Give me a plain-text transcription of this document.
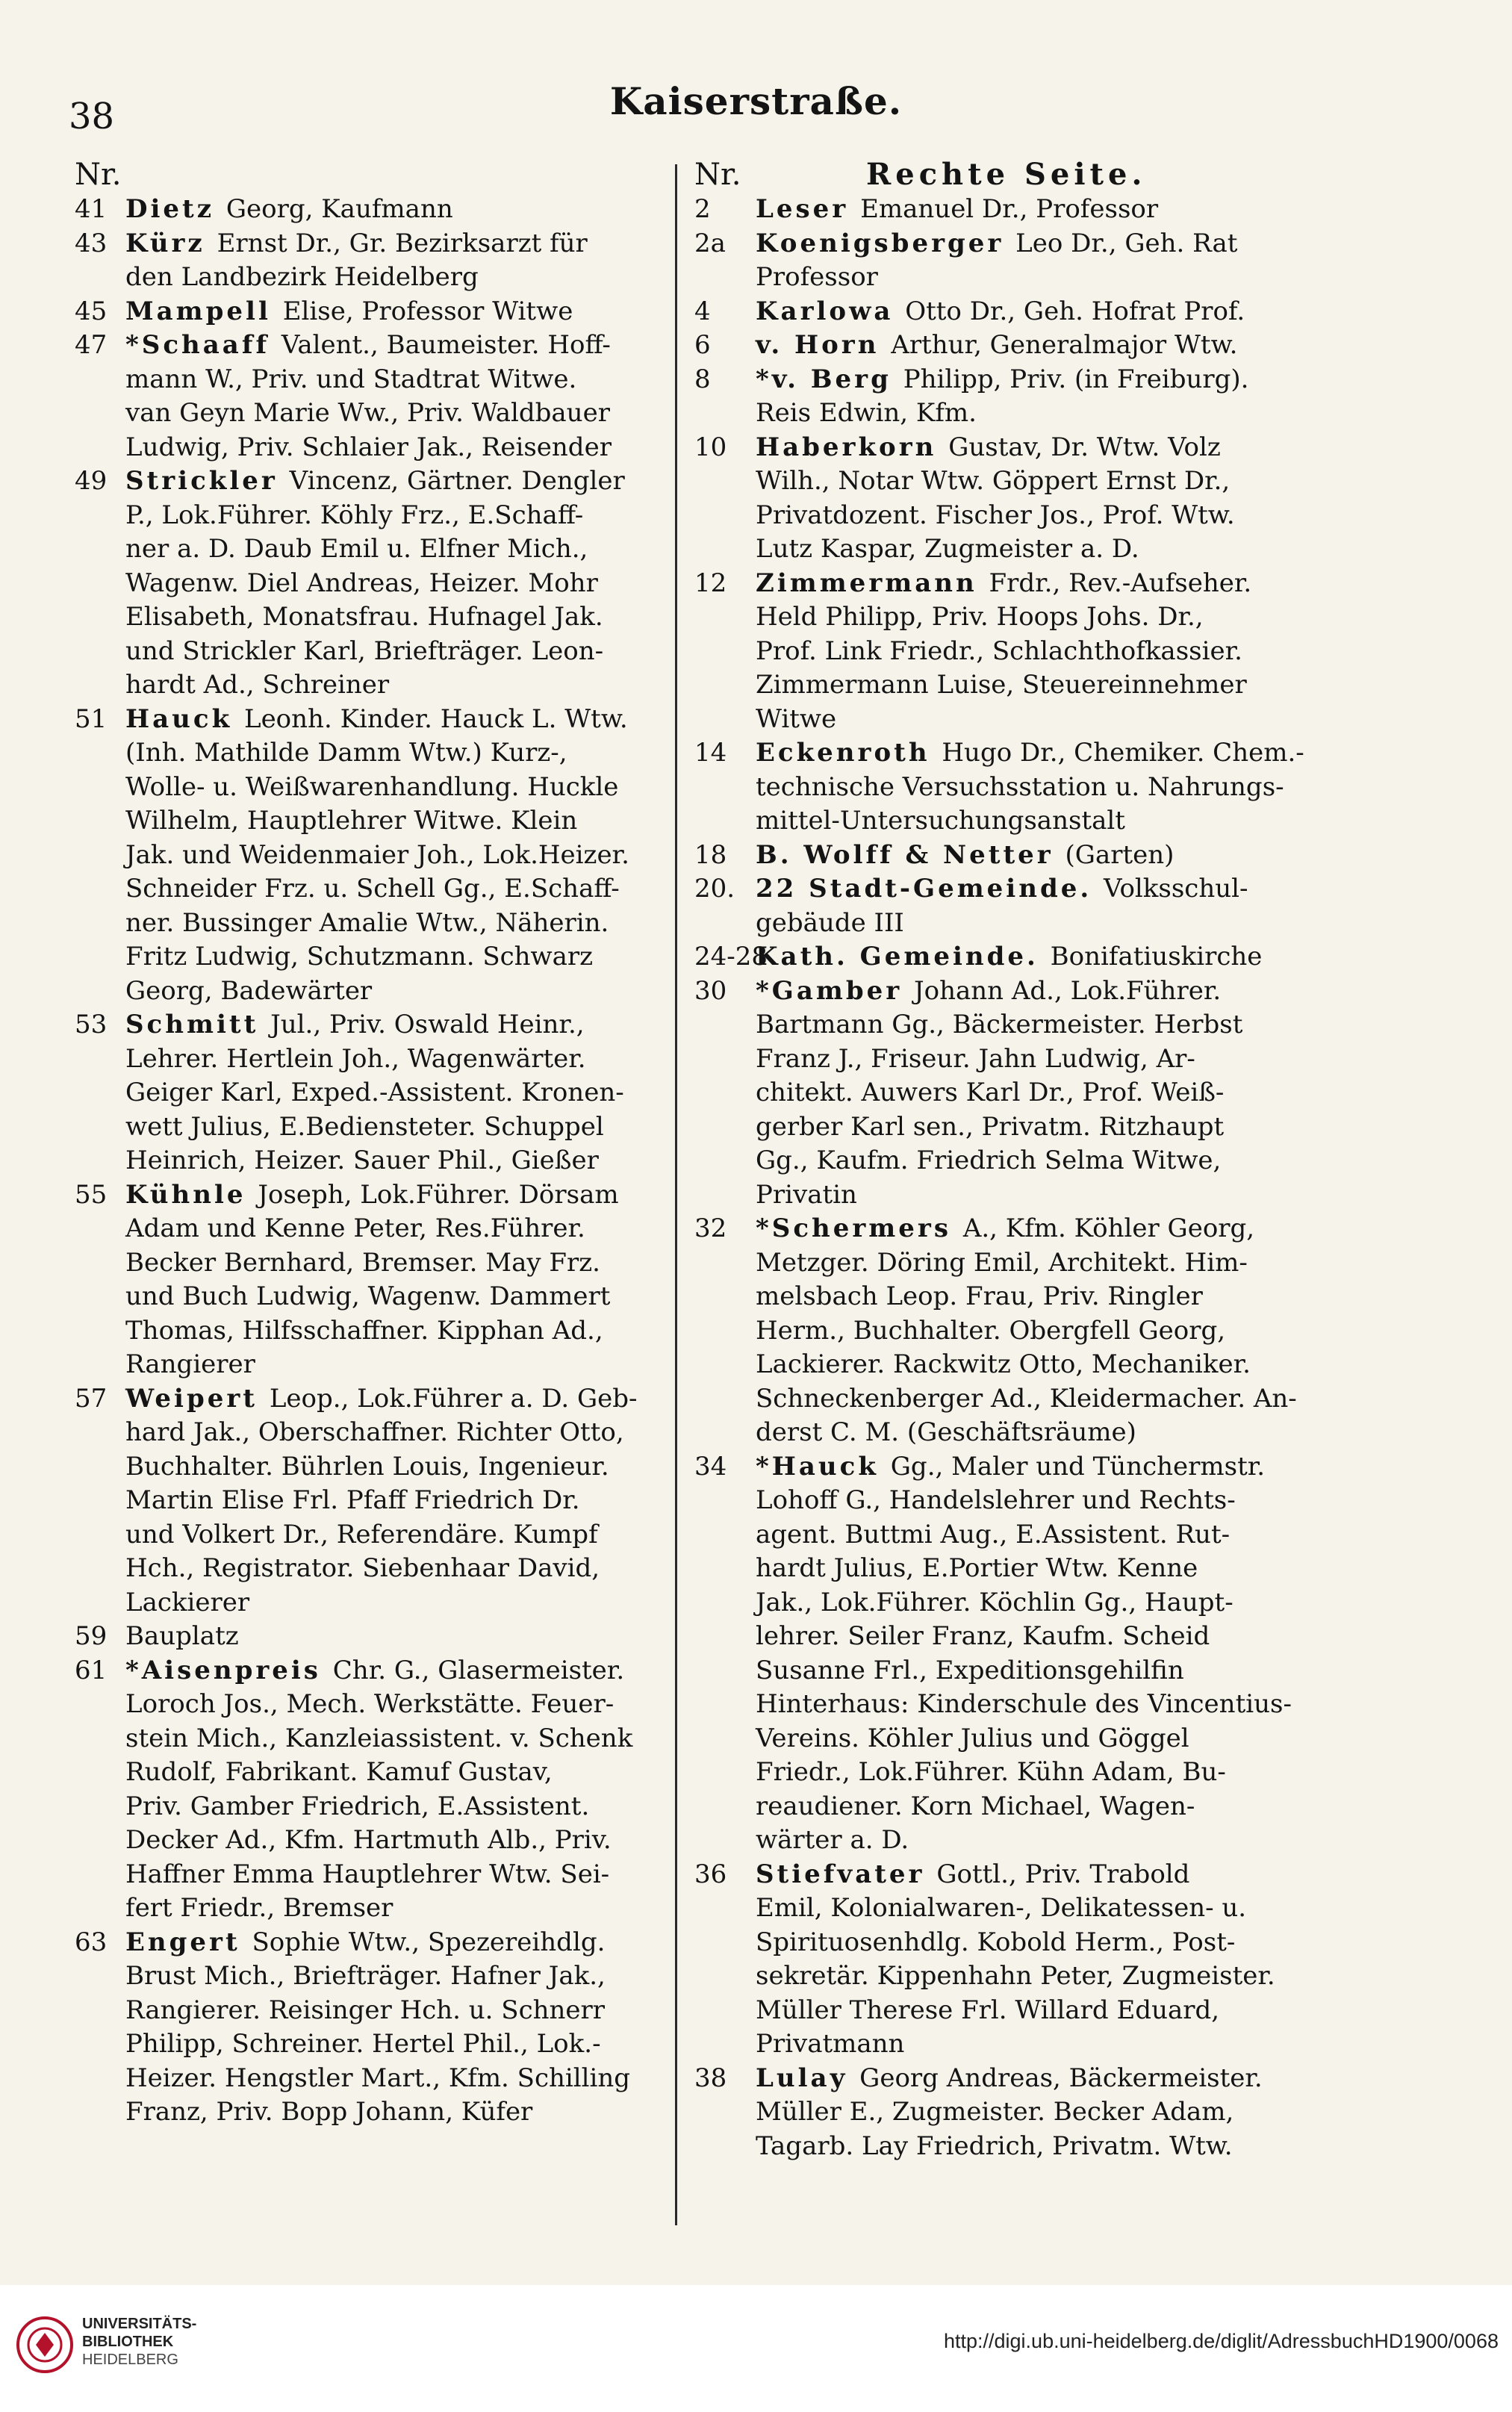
38	Kaiserstraße.
Nr.
41 Dietz Georg, Kaufmann
43 Kürz Ernst Dr., Gr. Bezirksarzt für
den Landbezirk Heidelberg
45 Mampell Elise, Professor Witwe
47 *Schaaff Valent., Baumeister. Hoff-
mann W., Priv. und Stadtrat Witwe.
van Geyn Marie Ww., Priv. Waldbauer
Ludwig, Priv. Schlaier Jak., Reisender
49 Strickler Vincenz, Gärtner. Dengler
P., Lok.Führer. Köhly Frz., E.Schaff-
ner a. D. Daub Emil u. Elfner Mich.,
Wagenw. Diel Andreas, Heizer. Mohr
Elisabeth, Monatsfrau. Hufnagel Jak.
und Strickler Karl, Briefträger. Leon-
hardt Ad., Schreiner
51 Hauck Leonh. Kinder. Hauck L. Wtw.
(Inh. Mathilde Damm Wtw.) Kurz-,
Wolle- u. Weißwarenhandlung. Huckle
Wilhelm, Hauptlehrer Witwe. Klein
Jak. und Weidenmaier Joh., Lok.Heizer.
Schneider Frz. u. Schell Gg., E.Schaff-
ner. Bussinger Amalie Wtw., Näherin.
Fritz Ludwig, Schutzmann. Schwarz
Georg, Badewärter
53 Schmitt Jul., Priv. Oswald Heinr.,
Lehrer. Hertlein Joh., Wagenwärter.
Geiger Karl, Exped.-Assistent. Kronen-
wett Julius, E.Bediensteter. Schuppel
Heinrich, Heizer. Sauer Phil., Gießer
55 Kühnle Joseph, Lok.Führer. Dörsam
Adam und Kenne Peter, Res.Führer.
Becker Bernhard, Bremser. May Frz.
und Buch Ludwig, Wagenw. Dammert
Thomas, Hilfsschaffner. Kipphan Ad.,
Rangierer
57 Weipert Leop., Lok.Führer a. D. Geb-
hard Jak., Oberschaffner. Richter Otto,
Buchhalter. Bührlen Louis, Ingenieur.
Martin Elise Frl. Pfaff Friedrich Dr.
und Volkert Dr., Referendäre. Kumpf
Hch., Registrator. Siebenhaar David,
Lackierer
59 Bauplatz
61 *Aisenpreis Chr. G., Glasermeister.
Loroch Jos., Mech. Werkstätte. Feuer-
stein Mich., Kanzleiassistent. v. Schenk
Rudolf, Fabrikant. Kamuf Gustav,
Priv. Gamber Friedrich, E.Assistent.
Decker Ad., Kfm. Hartmuth Alb., Priv.
Haffner Emma Hauptlehrer Wtw. Sei-
fert Friedr., Bremser
63 Engert Sophie Wtw., Spezereihdlg.
Brust Mich., Briefträger. Hafner Jak.,
Rangierer. Reisinger Hch. u. Schnerr
Philipp, Schreiner. Hertel Phil., Lok.-
Heizer. Hengstler Mart., Kfm. Schilling
Franz, Priv. Bopp Johann, Küfer
Nr.	Rechte Seite.
2 Leser Emanuel Dr., Professor
2a Koenigsberger Leo Dr., Geh. Rat
Professor
4 Karlowa Otto Dr., Geh. Hofrat Prof.
6 v. Horn Arthur, Generalmajor Wtw.
8 *v. Berg Philipp, Priv. (in Freiburg).
Reis Edwin, Kfm.
10 Haberkorn Gustav, Dr. Wtw. Volz
Wilh., Notar Wtw. Göppert Ernst Dr.,
Privatdozent. Fischer Jos., Prof. Wtw.
Lutz Kaspar, Zugmeister a. D.
12 Zimmermann Frdr., Rev.-Aufseher.
Held Philipp, Priv. Hoops Johs. Dr.,
Prof. Link Friedr., Schlachthofkassier.
Zimmermann Luise, Steuereinnehmer
Witwe
14 Eckenroth Hugo Dr., Chemiker. Chem.-
technische Versuchsstation u. Nahrungs-
mittel-Untersuchungsanstalt
18 B. Wolff & Netter (Garten)
20. 22 Stadt-Gemeinde. Volksschul-
gebäude III
24-28Kath. Gemeinde. Bonifatiuskirche
30 *Gamber Johann Ad., Lok.Führer.
Bartmann Gg., Bäckermeister. Herbst
Franz J., Friseur. Jahn Ludwig, Ar-
chitekt. Auwers Karl Dr., Prof. Weiß-
gerber Karl sen., Privatm. Ritzhaupt
Gg., Kaufm. Friedrich Selma Witwe,
Privatin
32 *Schermers A., Kfm. Köhler Georg,
Metzger. Döring Emil, Architekt. Him-
melsbach Leop. Frau, Priv. Ringler
Herm., Buchhalter. Obergfell Georg,
Lackierer. Rackwitz Otto, Mechaniker.
Schneckenberger Ad., Kleidermacher. An-
derst C. M. (Geschäftsräume)
34 *Hauck Gg., Maler und Tünchermstr.
Lohoff G., Handelslehrer und Rechts-
agent. Buttmi Aug., E.Assistent. Rut-
hardt Julius, E.Portier Wtw. Kenne
Jak., Lok.Führer. Köchlin Gg., Haupt-
lehrer. Seiler Franz, Kaufm. Scheid
Susanne Frl., Expeditionsgehilfin
Hinterhaus: Kinderschule des Vincentius-
Vereins. Köhler Julius und Göggel
Friedr., Lok.Führer. Kühn Adam, Bu-
reaudiener. Korn Michael, Wagen-
wärter a. D.
36 Stiefvater Gottl., Priv. Trabold
Emil, Kolonialwaren-, Delikatessen- u.
Spirituosenhdlg. Kobold Herm., Post-
sekretär. Kippenhahn Peter, Zugmeister.
Müller Therese Frl. Willard Eduard,
Privatmann
38 Lulay Georg Andreas, Bäckermeister.
Müller E., Zugmeister. Becker Adam,
Tagarb. Lay Friedrich, Privatm. Wtw.
UNIVERSITÄTS-
BIBLIOTHEK
HEIDELBERG
http://digi.ub.uni-heidelberg.de/diglit/AdressbuchHD1900/0068
